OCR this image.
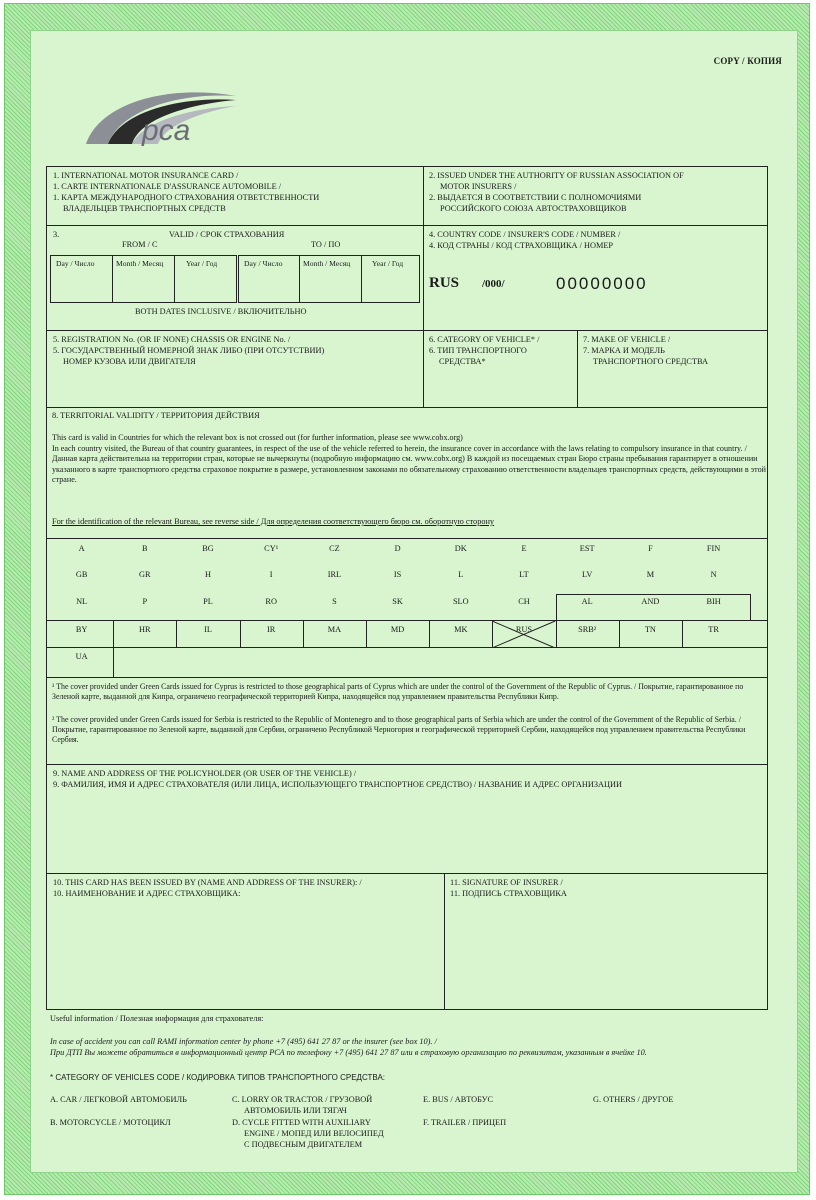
COPY / КОПИЯ
pca
1. INTERNATIONAL MOTOR INSURANCE CARD /
1. CARTE INTERNATIONALE D'ASSURANCE AUTOMOBILE /
1. КАРТА МЕЖДУНАРОДНОГО СТРАХОВАНИЯ ОТВЕТСТВЕННОСТИ
ВЛАДЕЛЬЦЕВ ТРАНСПОРТНЫХ СРЕДСТВ
2. ISSUED UNDER THE AUTHORITY OF RUSSIAN ASSOCIATION OF
MOTOR INSURERS /
2. ВЫДАЕТСЯ В СООТВЕТСТВИИ С ПОЛНОМОЧИЯМИ
РОССИЙСКОГО СОЮЗА АВТОСТРАХОВЩИКОВ
3.	VALID / СРОК СТРАХОВАНИЯ
FROM / С	TO / ПО
Day / Число	Month / Месяц	Year / Год	Day / Число	Month / Месяц	Year / Год
BOTH DATES INCLUSIVE / ВКЛЮЧИТЕЛЬНО
4. COUNTRY CODE / INSURER'S CODE / NUMBER /
4. КОД СТРАНЫ / КОД СТРАХОВЩИКА / НОМЕР
RUS /000/	00000000
5. REGISTRATION No. (OR IF NONE) CHASSIS OR ENGINE No. /
5. ГОСУДАРСТВЕННЫЙ НОМЕРНОЙ ЗНАК ЛИБО (ПРИ ОТСУТСТВИИ)
НОМЕР КУЗОВА ИЛИ ДВИГАТЕЛЯ
6. CATEGORY OF VEHICLE* /
6. ТИП ТРАНСПОРТНОГО
СРЕДСТВА*
7. MAKE OF VEHICLE /
7. МАРКА И МОДЕЛЬ
ТРАНСПОРТНОГО СРЕДСТВА
8. TERRITORIAL VALIDITY / ТЕРРИТОРИЯ ДЕЙСТВИЯ
This card is valid in Countries for which the relevant box is not crossed out (for further information, please see www.cobx.org)
In each country visited, the Bureau of that country guarantees, in respect of the use of the vehicle referred to herein, the insurance cover in accordance with the laws relating to compulsory insurance in that country. / Данная карта действительна на территории стран, которые не вычеркнуты (подробную информацию см. www.cobx.org) В каждой из посещаемых стран Бюро страны пребывания гарантирует в отношении указанного в карте транспортного средства страховое покрытие в размере, установленном законами по обязательному страхованию ответственности владельцев транспортных средств, действующими в этой стране.
For the identification of the relevant Bureau, see reverse side / Для определения соответствующего бюро см. оборотную сторону
A	B	BG	CY¹	CZ	D	DK	E	EST	F	FIN
GB	GR	H	I	IRL	IS	L	LT	LV	M	N
NL	P	PL	RO	S	SK	SLO	CH	AL	AND	BIH
BY	HR	IL	IR	MA	MD	MK	RUS	SRB²	TN	TR
UA
¹ The cover provided under Green Cards issued for Cyprus is restricted to those geographical parts of Cyprus which are under the control of the Government of the Republic of Cyprus. / Покрытие, гарантированное по Зеленой карте, выданной для Кипра, ограничено географической территорией Кипра, находящейся под управлением правительства Республики Кипр.
² The cover provided under Green Cards issued for Serbia is restricted to the Republic of Montenegro and to those geographical parts of Serbia which are under the control of the Government of the Republic of Serbia. / Покрытие, гарантированное по Зеленой карте, выданной для Сербии, ограничено Республикой Черногория и географической территорией Сербии, находящейся под управлением правительства Республики Сербия.
9. NAME AND ADDRESS OF THE POLICYHOLDER (OR USER OF THE VEHICLE) /
9. ФАМИЛИЯ, ИМЯ И АДРЕС СТРАХОВАТЕЛЯ (ИЛИ ЛИЦА, ИСПОЛЬЗУЮЩЕГО ТРАНСПОРТНОЕ СРЕДСТВО) / НАЗВАНИЕ И АДРЕС ОРГАНИЗАЦИИ
10. THIS CARD HAS BEEN ISSUED BY (NAME AND ADDRESS OF THE INSURER): /
10. НАИМЕНОВАНИЕ И АДРЕС СТРАХОВЩИКА:
11. SIGNATURE OF INSURER /
11. ПОДПИСЬ СТРАХОВЩИКА
Useful information / Полезная информация для страхователя:
In case of accident you can call RAMI information center by phone +7 (495) 641 27 87 or the insurer (see box 10). /
При ДТП Вы можете обратиться в информационный центр РСА по телефону +7 (495) 641 27 87 или в страховую организацию по реквизитам, указанным в ячейке 10.
* CATEGORY OF VEHICLES CODE / КОДИРОВКА ТИПОВ ТРАНСПОРТНОГО СРЕДСТВА:
A. CAR / ЛЕГКОВОЙ АВТОМОБИЛЬ
B. MOTORCYCLE / МОТОЦИКЛ
C. LORRY OR TRACTOR / ГРУЗОВОЙ
АВТОМОБИЛЬ ИЛИ ТЯГАЧ
D. CYCLE FITTED WITH AUXILIARY
ENGINE / МОПЕД ИЛИ ВЕЛОСИПЕД
С ПОДВЕСНЫМ ДВИГАТЕЛЕМ
E. BUS / АВТОБУС
F. TRAILER / ПРИЦЕП
G. OTHERS / ДРУГОЕ
